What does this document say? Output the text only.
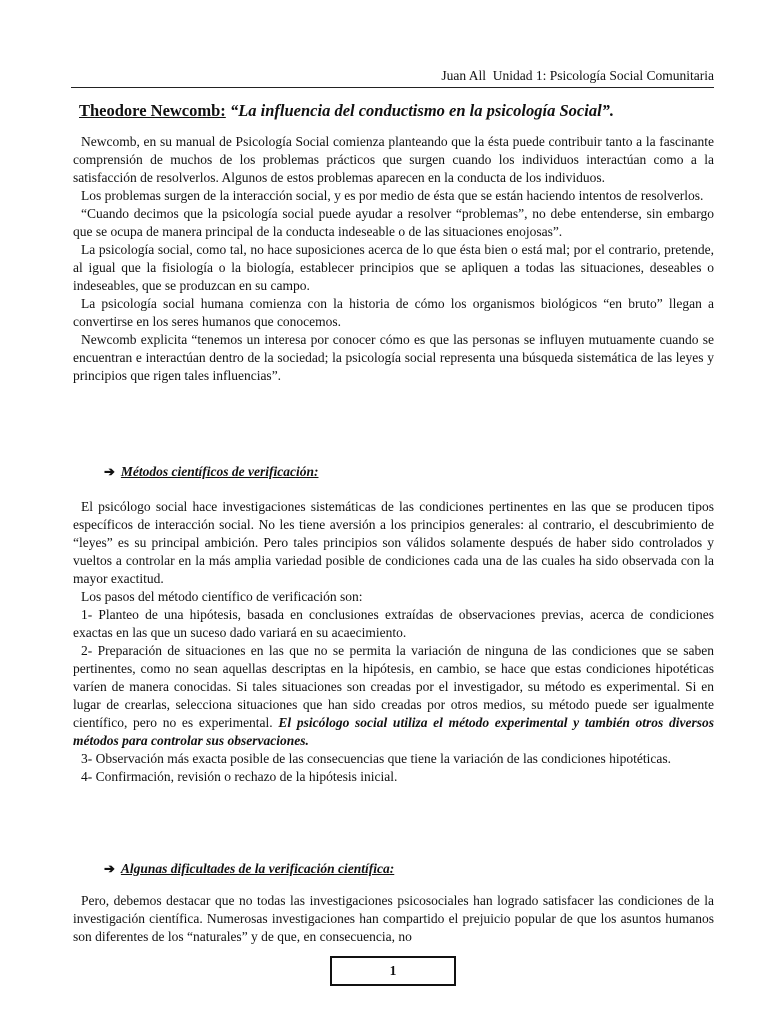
Juan All  Unidad 1: Psicología Social Comunitaria
Theodore Newcomb: “La influencia del conductismo en la psicología Social”.

Newcomb, en su manual de Psicología Social comienza planteando que la ésta puede contribuir tanto a la fascinante comprensión de muchos de los problemas prácticos que surgen cuando los individuos interactúan como a la satisfacción de resolverlos. Algunos de estos problemas aparecen en la conducta de los individuos.

Los problemas surgen de la interacción social, y es por medio de ésta que se están haciendo intentos de resolverlos.

“Cuando decimos que la psicología social puede ayudar a resolver “problemas”, no debe entenderse, sin embargo que se ocupa de manera principal de la conducta indeseable o de las situaciones enojosas”.

La psicología social, como tal, no hace suposiciones acerca de lo que ésta bien o está mal; por el contrario, pretende, al igual que la fisiología o la biología, establecer principios que se apliquen a todas las situaciones, deseables o indeseables, que se produzcan en su campo.

La psicología social humana comienza con la historia de cómo los organismos biológicos “en bruto” llegan a convertirse en los seres humanos que conocemos.

Newcomb explicita “tenemos un interesa por conocer cómo es que las personas se influyen mutuamente cuando se encuentran e interactúan dentro de la sociedad; la psicología social representa una búsqueda sistemática de las leyes y principios que rigen tales influencias”.

➔ Métodos científicos de verificación:

El psicólogo social hace investigaciones sistemáticas de las condiciones pertinentes en las que se producen tipos específicos de interacción social. No les tiene aversión a los principios generales: al contrario, el descubrimiento de “leyes” es su principal ambición. Pero tales principios son válidos solamente después de haber sido controlados y vueltos a controlar en la más amplia variedad posible de condiciones cada una de las cuales ha sido observada con la mayor exactitud.

Los pasos del método científico de verificación son:

1- Planteo de una hipótesis, basada en conclusiones extraídas de observaciones previas, acerca de condiciones exactas en las que un suceso dado variará en su acaecimiento.

2- Preparación de situaciones en las que no se permita la variación de ninguna de las condiciones que se saben pertinentes, como no sean aquellas descriptas en la hipótesis, en cambio, se hace que estas condiciones hipotéticas varíen de manera conocidas. Si tales situaciones son creadas por el investigador, su método es experimental. Si en lugar de crearlas, selecciona situaciones que han sido creadas por otros medios, su método puede ser igualmente científico, pero no es experimental. El psicólogo social utiliza el método experimental y también otros diversos métodos para controlar sus observaciones.

3- Observación más exacta posible de las consecuencias que tiene la variación de las condiciones hipotéticas.

4- Confirmación, revisión o rechazo de la hipótesis inicial.

➔ Algunas dificultades de la verificación científica:

Pero, debemos destacar que no todas las investigaciones psicosociales han logrado satisfacer las condiciones de la investigación científica. Numerosas investigaciones han compartido el prejuicio popular de que los asuntos humanos son diferentes de los “naturales” y de que, en consecuencia, no

1
